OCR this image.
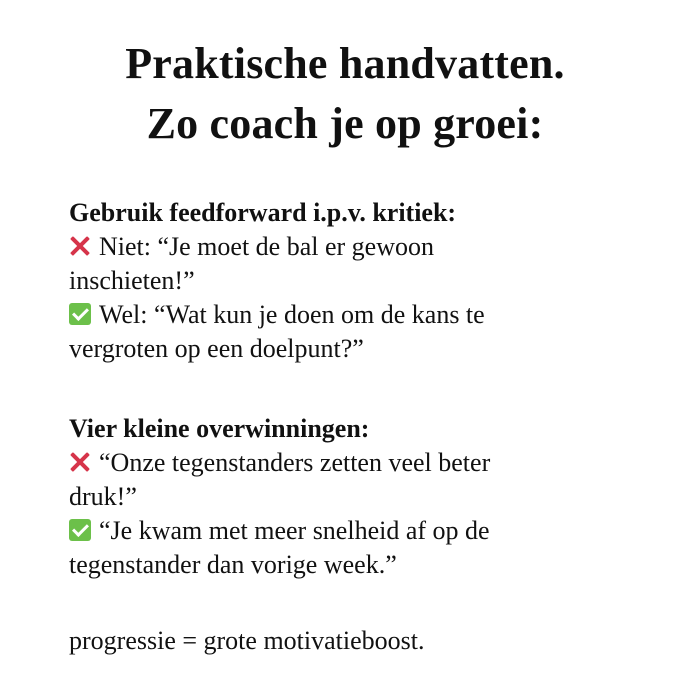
Praktische handvatten.
Zo coach je op groei:
Gebruik feedforward i.p.v. kritiek:
Niet: “Je moet de bal er gewoon
inschieten!”
Wel: “Wat kun je doen om de kans te
vergroten op een doelpunt?”
Vier kleine overwinningen:
“Onze tegenstanders zetten veel beter
druk!”
“Je kwam met meer snelheid af op de
tegenstander dan vorige week.”
progressie = grote motivatieboost.
